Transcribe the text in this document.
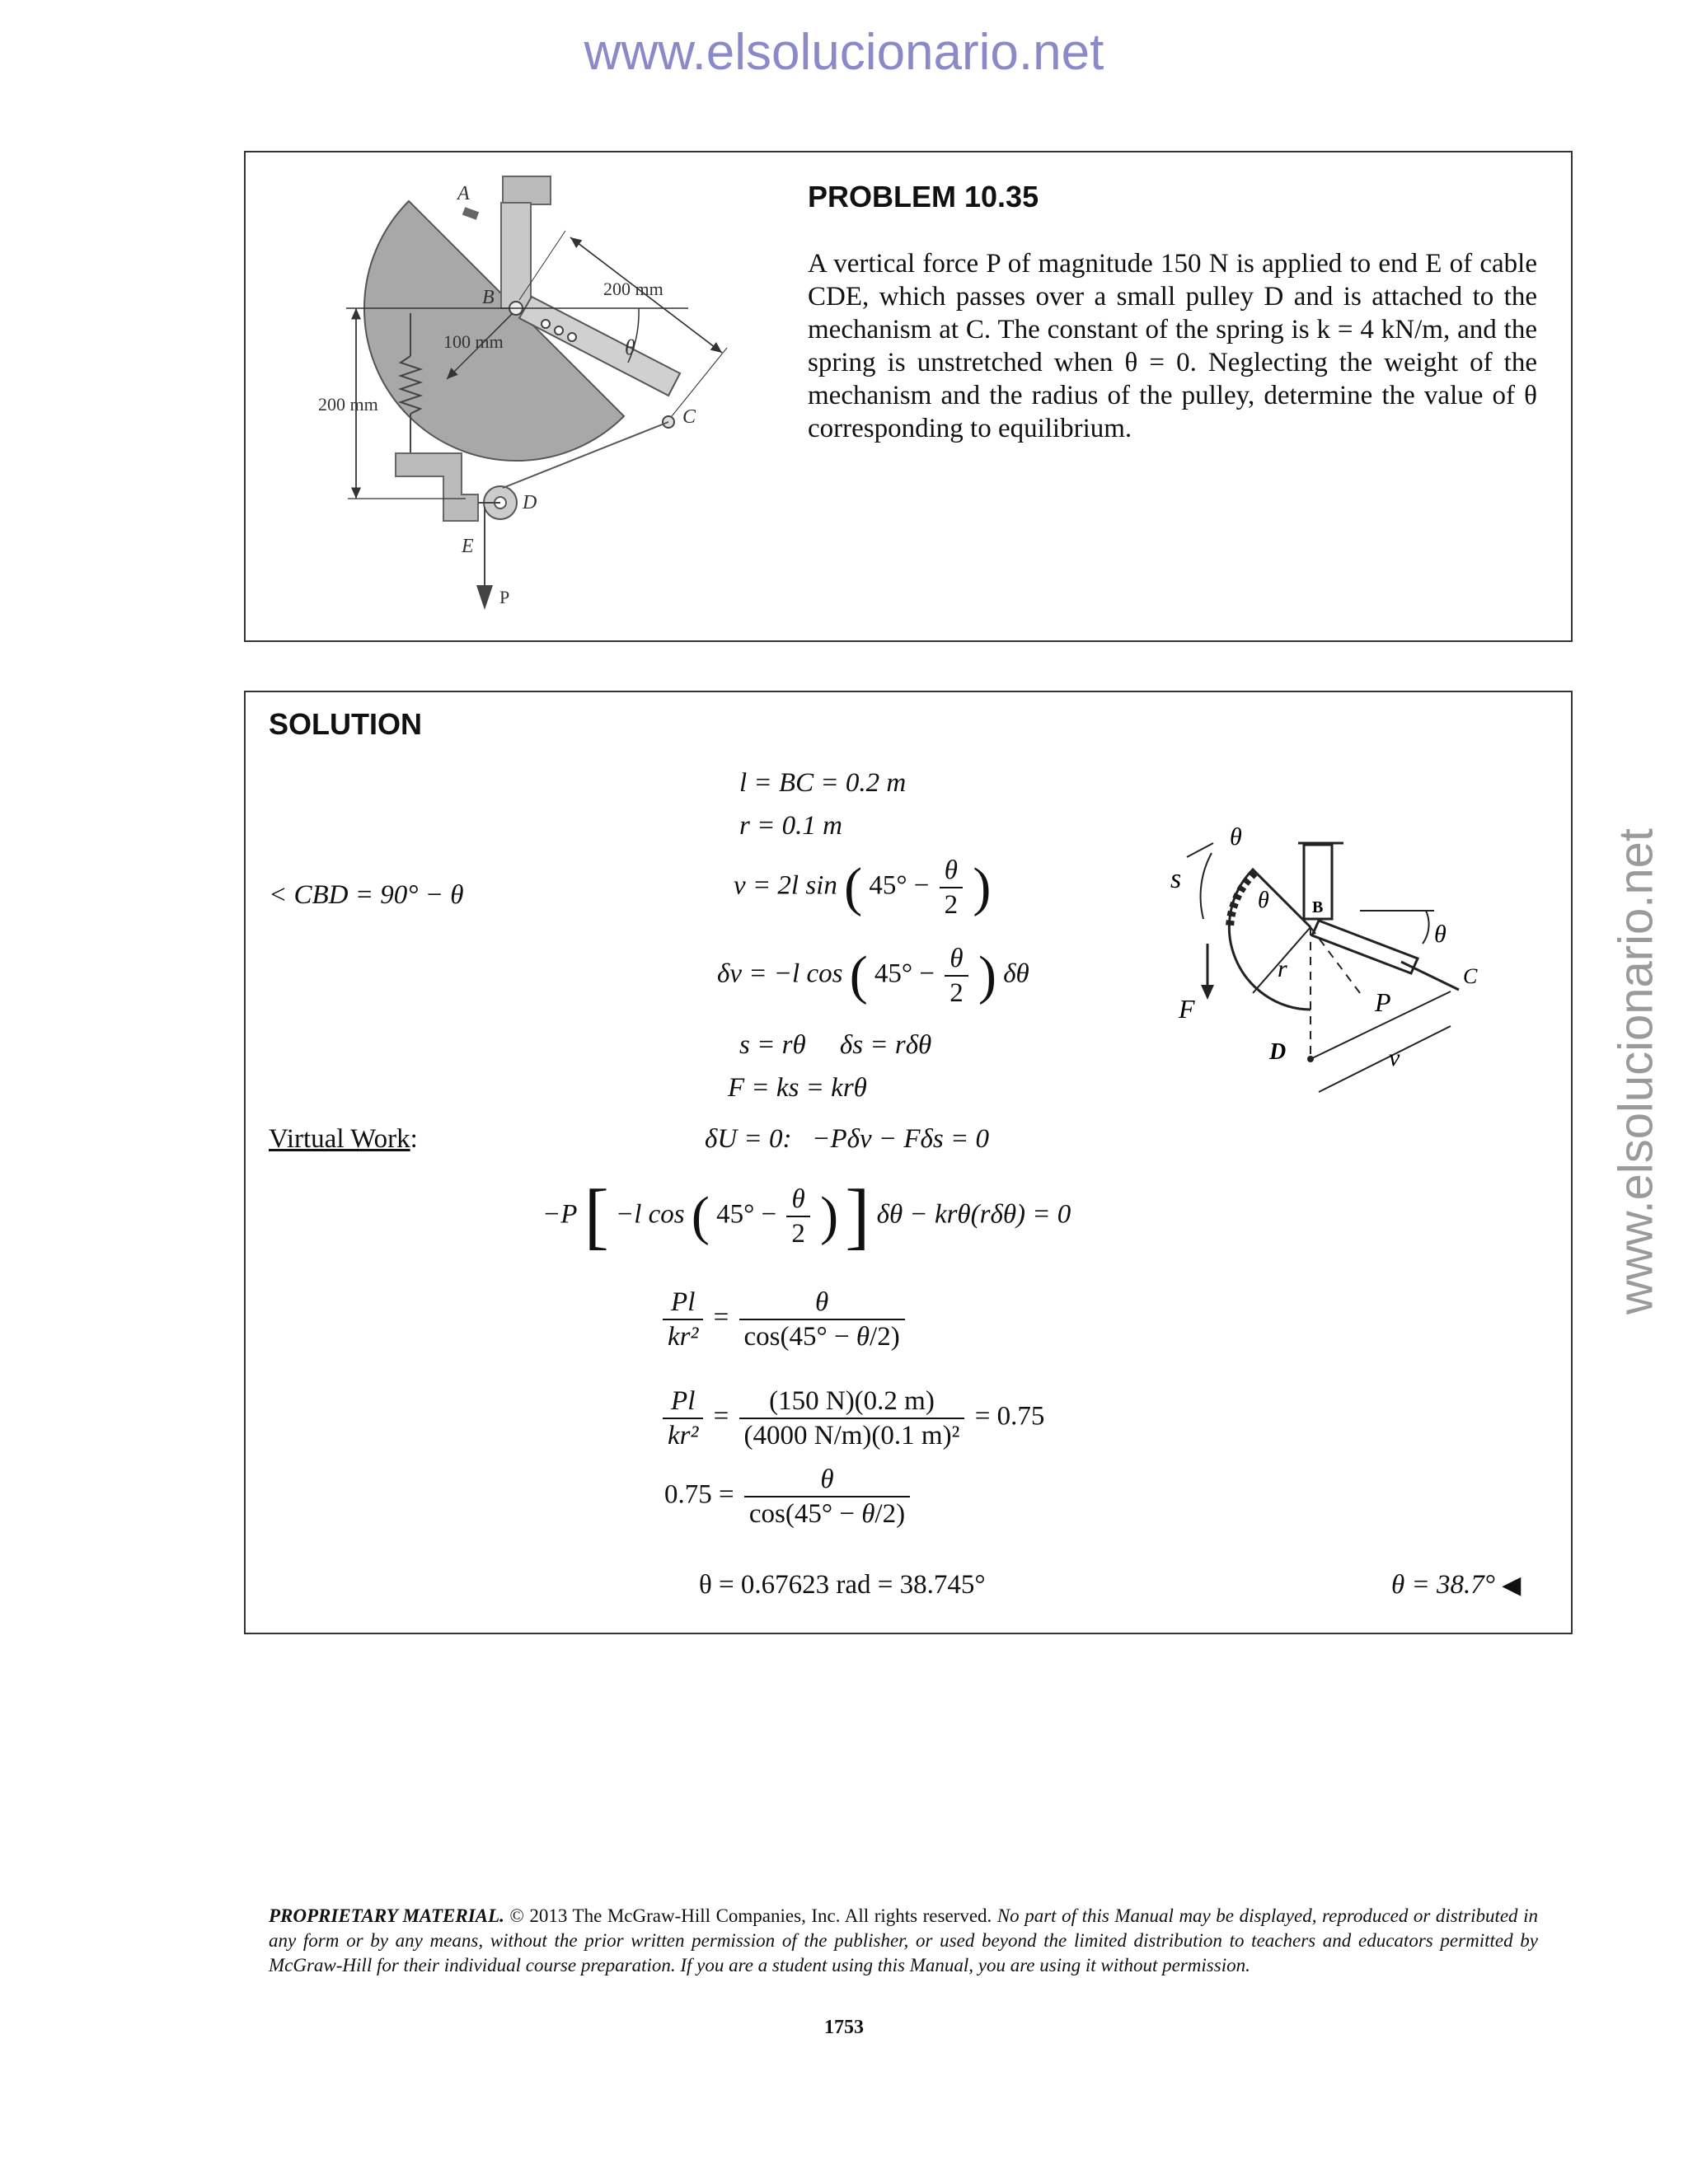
www.elsolucionario.net
www.elsolucionario.net
A
B	200 mm
100 mm	θ
C
200 mm
D
E
P
PROBLEM 10.35
A vertical force P of magnitude 150 N is applied to end E of cable CDE, which passes over a small pulley D and is attached to the mechanism at C. The constant of the spring is k = 4 kN/m, and the spring is unstretched when θ = 0. Neglecting the weight of the mechanism and the radius of the pulley, determine the value of θ corresponding to equilibrium.
SOLUTION
θ
s
θ	B
θ
r
F	P
C
D	v
l = BC = 0.2 m
r = 0.1 m
< CBD = 90° − θ	v = 2l sin ( $45^\circ - \frac{\theta}{2}$ )
δv = −l cos ( $45^\circ - \frac{\theta}{2}$ ) δθ
s = rθ     δs = rδθ
F = ks = krθ
Virtual Work:	δU = 0:   −Pδv − Fδs = 0
−P [ −l cos ( $45^\circ - \frac{\theta}{2}$ ) ] δθ − krθ(rδθ) = 0
$\frac{Pl}{\text{kr²}} = \frac{\theta}{\cos(45^\circ - \theta/2)}$
$\frac{Pl}{\text{kr²}} = \frac{(150 N)(0.2 m)}{\text{(4000 N/m)(0.1 m)²}} = 0.75$
$0.75 = \frac{\theta}{\cos(45^\circ - \theta/2)}$
θ = 0.67623 rad = 38.745°	θ = 38.7° ◀
PROPRIETARY MATERIAL. © 2013 The McGraw-Hill Companies, Inc. All rights reserved. No part of this Manual may be displayed, reproduced or distributed in any form or by any means, without the prior written permission of the publisher, or used beyond the limited distribution to teachers and educators permitted by McGraw-Hill for their individual course preparation. If you are a student using this Manual, you are using it without permission.
1753
